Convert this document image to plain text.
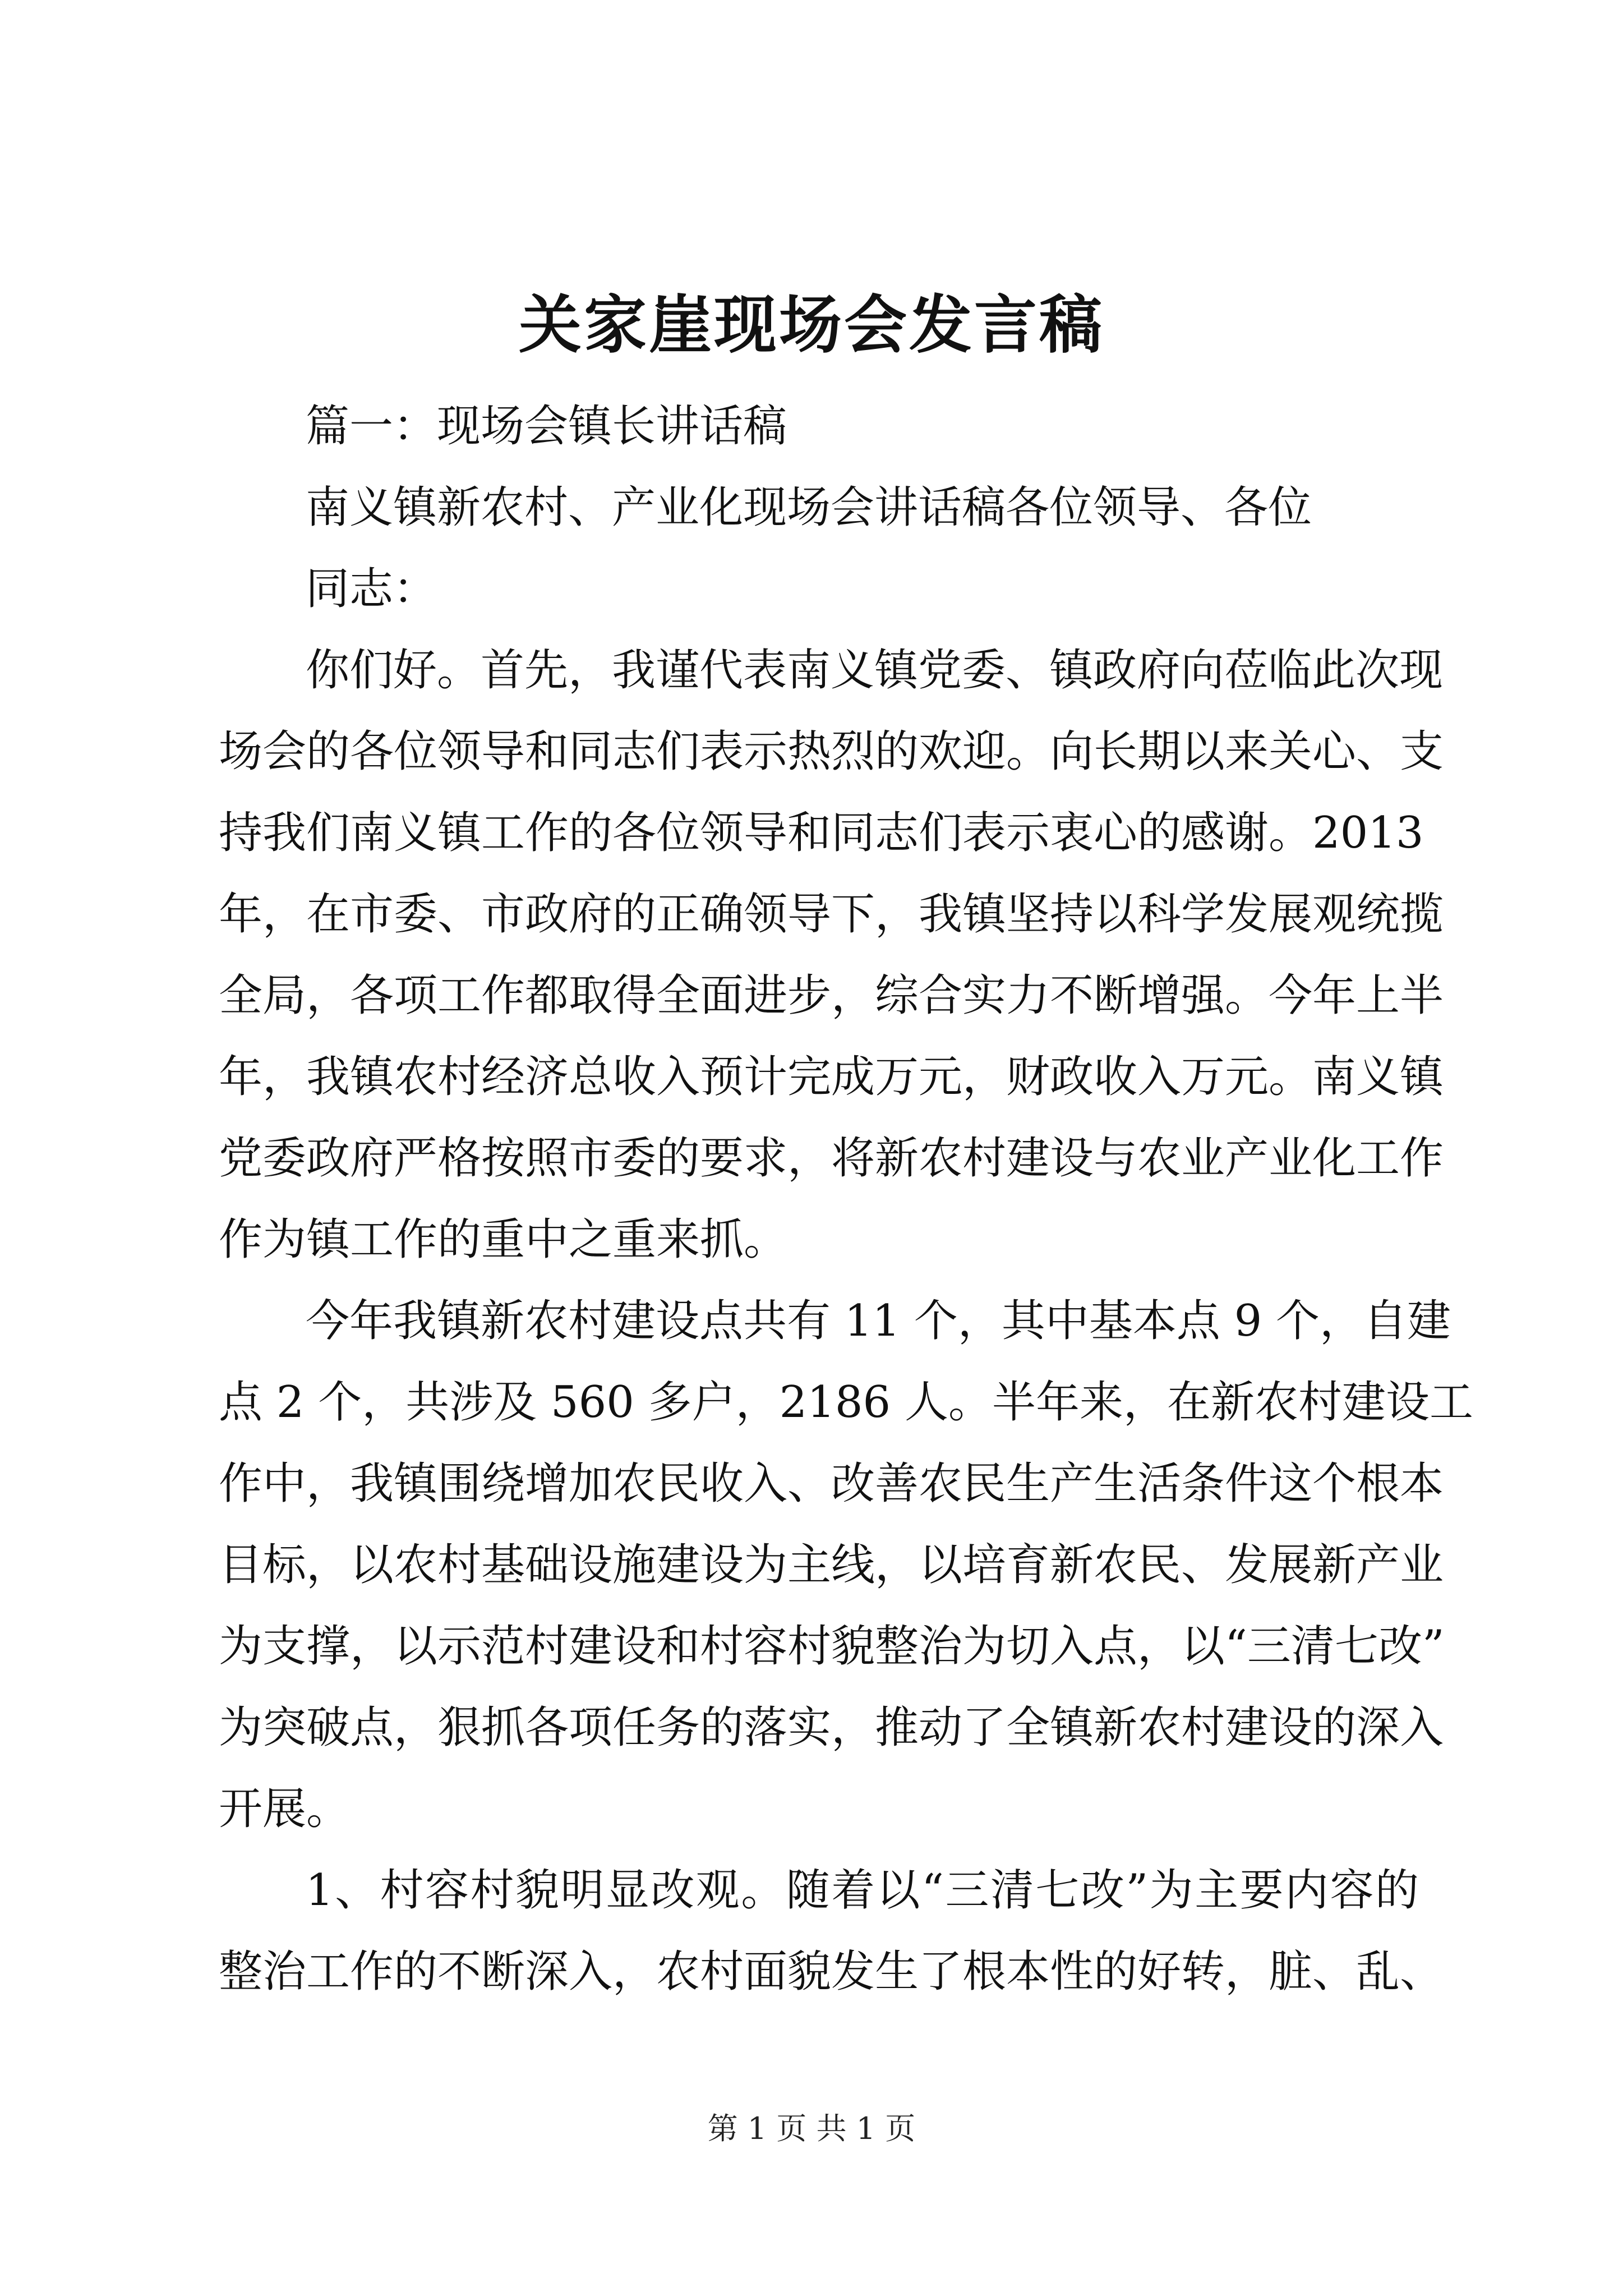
关家崖现场会发言稿
篇一：现场会镇长讲话稿
南义镇新农村、产业化现场会讲话稿各位领导、各位
同志：
你们好。首先，我谨代表南义镇党委、镇政府向莅临此次现
场会的各位领导和同志们表示热烈的欢迎。向长期以来关心、支
持我们南义镇工作的各位领导和同志们表示衷心的感谢。2013
年，在市委、市政府的正确领导下，我镇坚持以科学发展观统揽
全局，各项工作都取得全面进步，综合实力不断增强。今年上半
年，我镇农村经济总收入预计完成万元，财政收入万元。南义镇
党委政府严格按照市委的要求，将新农村建设与农业产业化工作
作为镇工作的重中之重来抓。
今年我镇新农村建设点共有 11 个，其中基本点 9 个，自建
点 2 个，共涉及 560 多户，2186 人。半年来，在新农村建设工
作中，我镇围绕增加农民收入、改善农民生产生活条件这个根本
目标，以农村基础设施建设为主线，以培育新农民、发展新产业
为支撑，以示范村建设和村容村貌整治为切入点，以“三清七改”
为突破点，狠抓各项任务的落实，推动了全镇新农村建设的深入
开展。
1、村容村貌明显改观。随着以“三清七改”为主要内容的
整治工作的不断深入，农村面貌发生了根本性的好转，脏、乱、
第 1 页 共 1 页
